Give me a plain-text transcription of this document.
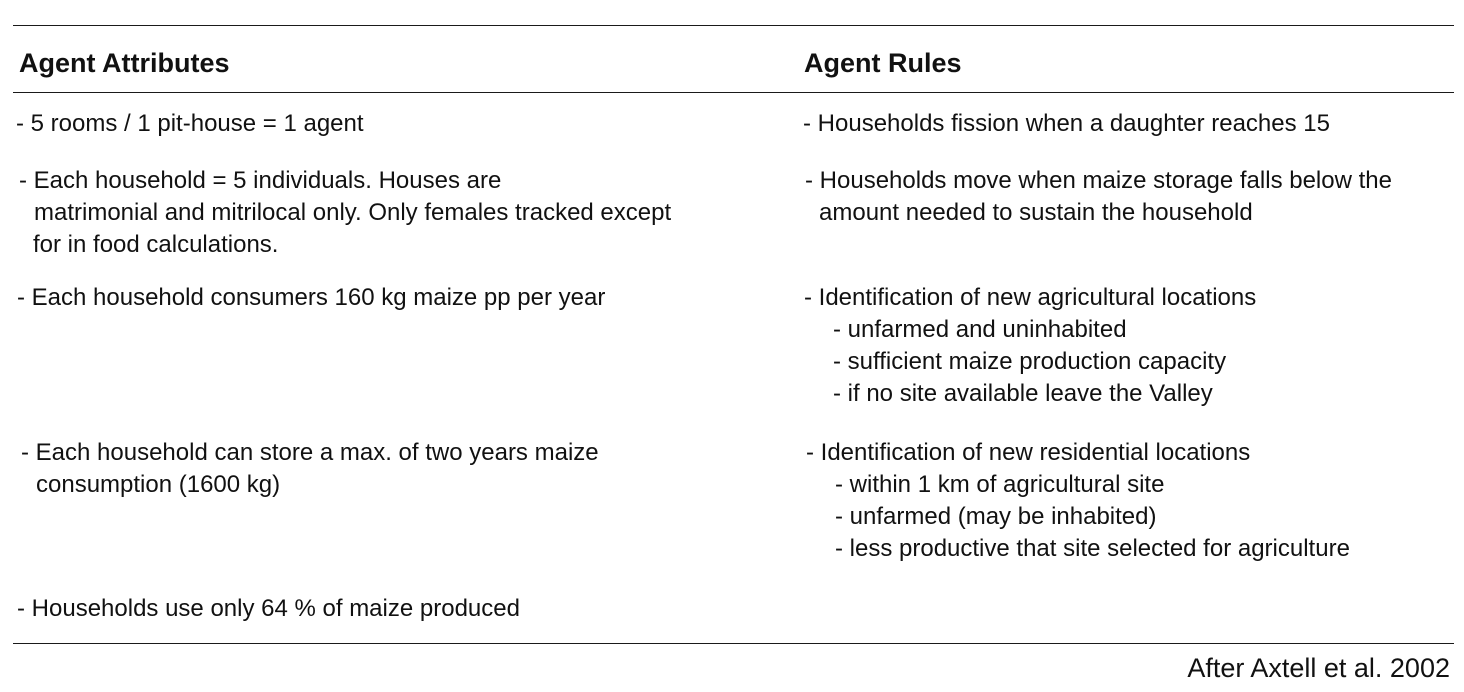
Agent Attributes	Agent Rules
- 5 rooms / 1 pit-house = 1 agent
- Each household = 5 individuals. Houses are
matrimonial and mitrilocal only. Only females tracked except
for in food calculations.
- Each household consumers 160 kg maize pp per year
- Each household can store a max. of two years maize
consumption (1600 kg)
- Households use only 64 % of maize produced
- Households fission when a daughter reaches 15
- Households move when maize storage falls below the
amount needed to sustain the household
- Identification of new agricultural locations
- unfarmed and uninhabited
- sufficient maize production capacity
- if no site available leave the Valley
- Identification of new residential locations
- within 1 km of agricultural site
- unfarmed (may be inhabited)
- less productive that site selected for agriculture
After Axtell et al. 2002
